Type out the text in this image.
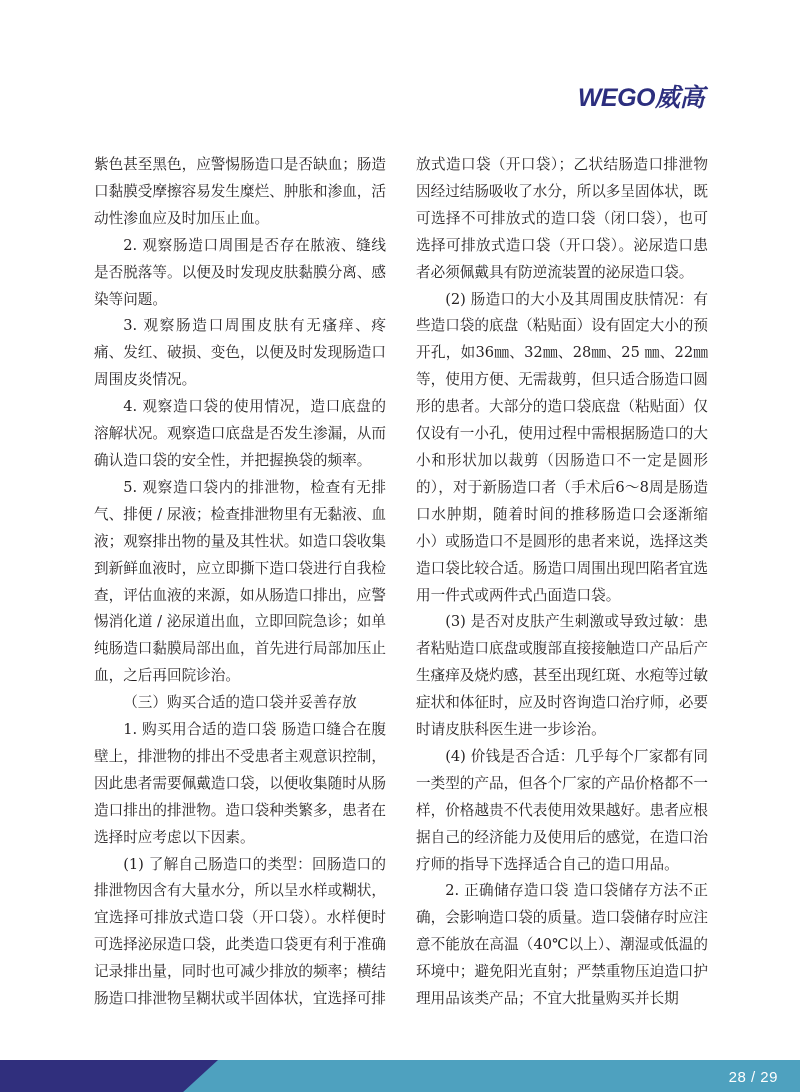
WEGO威高

紫色甚至黑色，应警惕肠造口是否缺血；肠造口黏膜受摩擦容易发生糜烂、肿胀和渗血，活动性渗血应及时加压止血。

2. 观察肠造口周围是否存在脓液、缝线是否脱落等。以便及时发现皮肤黏膜分离、感染等问题。

3. 观察肠造口周围皮肤有无瘙痒、疼痛、发红、破损、变色，以便及时发现肠造口周围皮炎情况。

4. 观察造口袋的使用情况，造口底盘的溶解状况。观察造口底盘是否发生渗漏，从而确认造口袋的安全性，并把握换袋的频率。

5. 观察造口袋内的排泄物，检查有无排气、排便 / 尿液；检查排泄物里有无黏液、血液；观察排出物的量及其性状。如造口袋收集到新鲜血液时，应立即撕下造口袋进行自我检查，评估血液的来源，如从肠造口排出，应警惕消化道 / 泌尿道出血，立即回院急诊；如单纯肠造口黏膜局部出血，首先进行局部加压止血，之后再回院诊治。

（三）购买合适的造口袋并妥善存放

1. 购买用合适的造口袋 肠造口缝合在腹壁上，排泄物的排出不受患者主观意识控制，因此患者需要佩戴造口袋，以便收集随时从肠造口排出的排泄物。造口袋种类繁多，患者在选择时应考虑以下因素。

(1) 了解自己肠造口的类型：回肠造口的排泄物因含有大量水分，所以呈水样或糊状，宜选择可排放式造口袋（开口袋）。水样便时可选择泌尿造口袋，此类造口袋更有利于准确记录排出量，同时也可减少排放的频率；横结肠造口排泄物呈糊状或半固体状，宜选择可排

放式造口袋（开口袋）；乙状结肠造口排泄物因经过结肠吸收了水分，所以多呈固体状，既可选择不可排放式的造口袋（闭口袋），也可选择可排放式造口袋（开口袋）。泌尿造口患者必须佩戴具有防逆流装置的泌尿造口袋。

(2) 肠造口的大小及其周围皮肤情况：有些造口袋的底盘（粘贴面）设有固定大小的预开孔，如36㎜、32㎜、28㎜、25 ㎜、22㎜等，使用方便、无需裁剪，但只适合肠造口圆形的患者。大部分的造口袋底盘（粘贴面）仅仅设有一小孔，使用过程中需根据肠造口的大小和形状加以裁剪（因肠造口不一定是圆形的），对于新肠造口者（手术后6～8周是肠造口水肿期，随着时间的推移肠造口会逐渐缩小）或肠造口不是圆形的患者来说，选择这类造口袋比较合适。肠造口周围出现凹陷者宜选用一件式或两件式凸面造口袋。

(3) 是否对皮肤产生刺激或导致过敏：患者粘贴造口底盘或腹部直接接触造口产品后产生瘙痒及烧灼感，甚至出现红斑、水疱等过敏症状和体征时，应及时咨询造口治疗师，必要时请皮肤科医生进一步诊治。

(4) 价钱是否合适：几乎每个厂家都有同一类型的产品，但各个厂家的产品价格都不一样，价格越贵不代表使用效果越好。患者应根据自己的经济能力及使用后的感觉，在造口治疗师的指导下选择适合自己的造口用品。

2. 正确储存造口袋 造口袋储存方法不正确，会影响造口袋的质量。造口袋储存时应注意不能放在高温（40℃以上）、潮湿或低温的环境中；避免阳光直射；严禁重物压迫造口护理用品该类产品；不宜大批量购买并长期

28 / 29
